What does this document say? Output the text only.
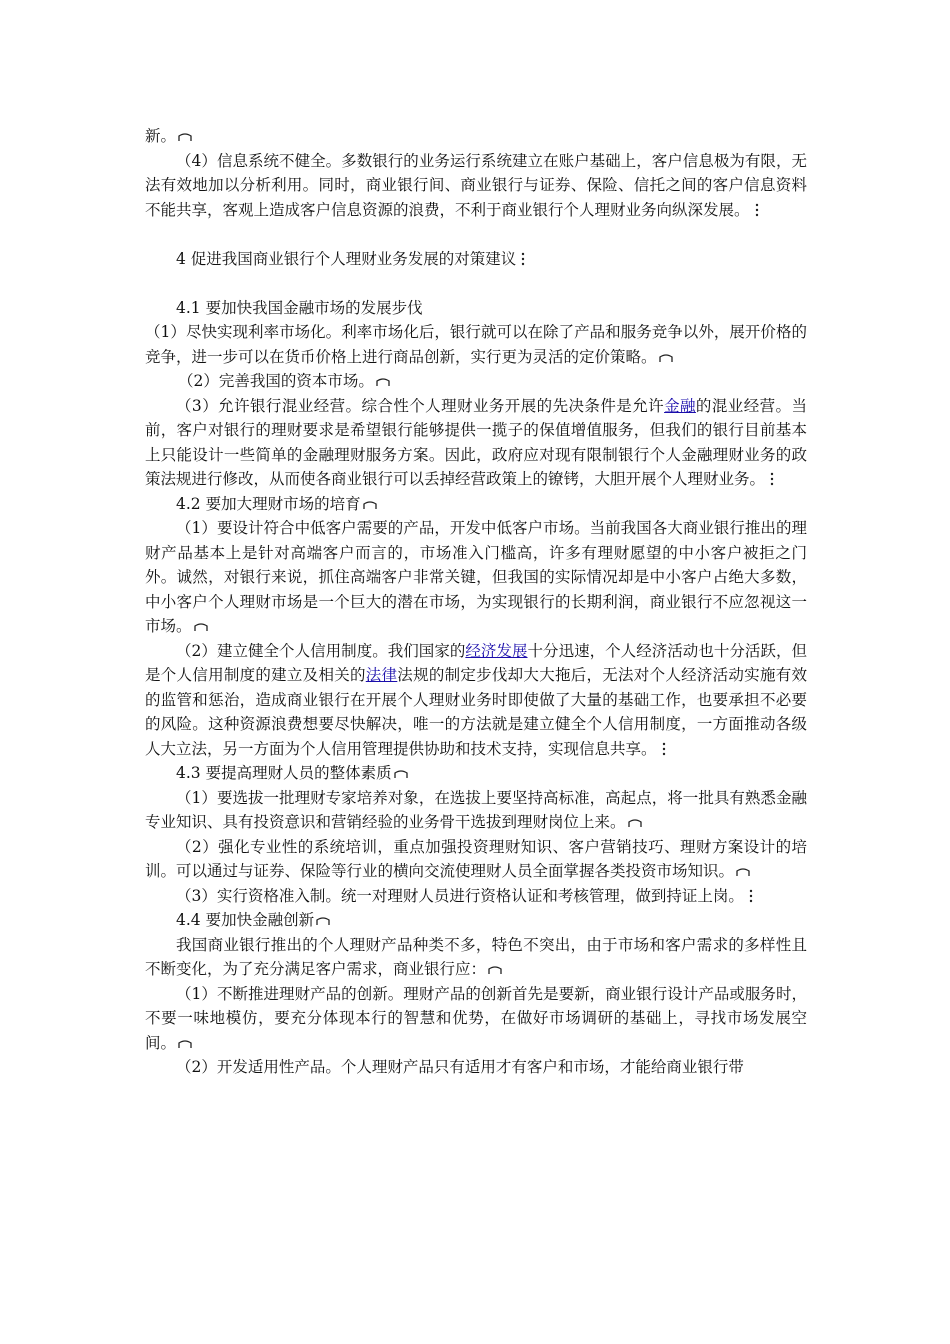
新。

（4）信息系统不健全。多数银行的业务运行系统建立在账户基础上，客户信息极为有限，无法有效地加以分析利用。同时，商业银行间、商业银行与证券、保险、信托之间的客户信息资料不能共享，客观上造成客户信息资源的浪费，不利于商业银行个人理财业务向纵深发展。

4 促进我国商业银行个人理财业务发展的对策建议

4.1 要加快我国金融市场的发展步伐

（1）尽快实现利率市场化。利率市场化后，银行就可以在除了产品和服务竞争以外，展开价格的竞争，进一步可以在货币价格上进行商品创新，实行更为灵活的定价策略。

（2）完善我国的资本市场。

（3）允许银行混业经营。综合性个人理财业务开展的先决条件是允许金融的混业经营。当前，客户对银行的理财要求是希望银行能够提供一揽子的保值增值服务，但我们的银行目前基本上只能设计一些简单的金融理财服务方案。因此，政府应对现有限制银行个人金融理财业务的政策法规进行修改，从而使各商业银行可以丢掉经营政策上的镣铐，大胆开展个人理财业务。

4.2 要加大理财市场的培育

（1）要设计符合中低客户需要的产品，开发中低客户市场。当前我国各大商业银行推出的理财产品基本上是针对高端客户而言的，市场准入门槛高，许多有理财愿望的中小客户被拒之门外。诚然，对银行来说，抓住高端客户非常关键，但我国的实际情况却是中小客户占绝大多数，中小客户个人理财市场是一个巨大的潜在市场，为实现银行的长期利润，商业银行不应忽视这一市场。

（2）建立健全个人信用制度。我们国家的经济发展十分迅速，个人经济活动也十分活跃，但是个人信用制度的建立及相关的法律法规的制定步伐却大大拖后，无法对个人经济活动实施有效的监管和惩治，造成商业银行在开展个人理财业务时即使做了大量的基础工作，也要承担不必要的风险。这种资源浪费想要尽快解决，唯一的方法就是建立健全个人信用制度，一方面推动各级人大立法，另一方面为个人信用管理提供协助和技术支持，实现信息共享。

4.3 要提高理财人员的整体素质

（1）要选拔一批理财专家培养对象，在选拔上要坚持高标准，高起点，将一批具有熟悉金融专业知识、具有投资意识和营销经验的业务骨干选拔到理财岗位上来。

（2）强化专业性的系统培训，重点加强投资理财知识、客户营销技巧、理财方案设计的培训。可以通过与证券、保险等行业的横向交流使理财人员全面掌握各类投资市场知识。

（3）实行资格准入制。统一对理财人员进行资格认证和考核管理，做到持证上岗。

4.4 要加快金融创新

我国商业银行推出的个人理财产品种类不多，特色不突出，由于市场和客户需求的多样性且不断变化，为了充分满足客户需求，商业银行应：

（1）不断推进理财产品的创新。理财产品的创新首先是要新，商业银行设计产品或服务时，不要一味地模仿，要充分体现本行的智慧和优势，在做好市场调研的基础上，寻找市场发展空间。

（2）开发适用性产品。个人理财产品只有适用才有客户和市场，才能给商业银行带
